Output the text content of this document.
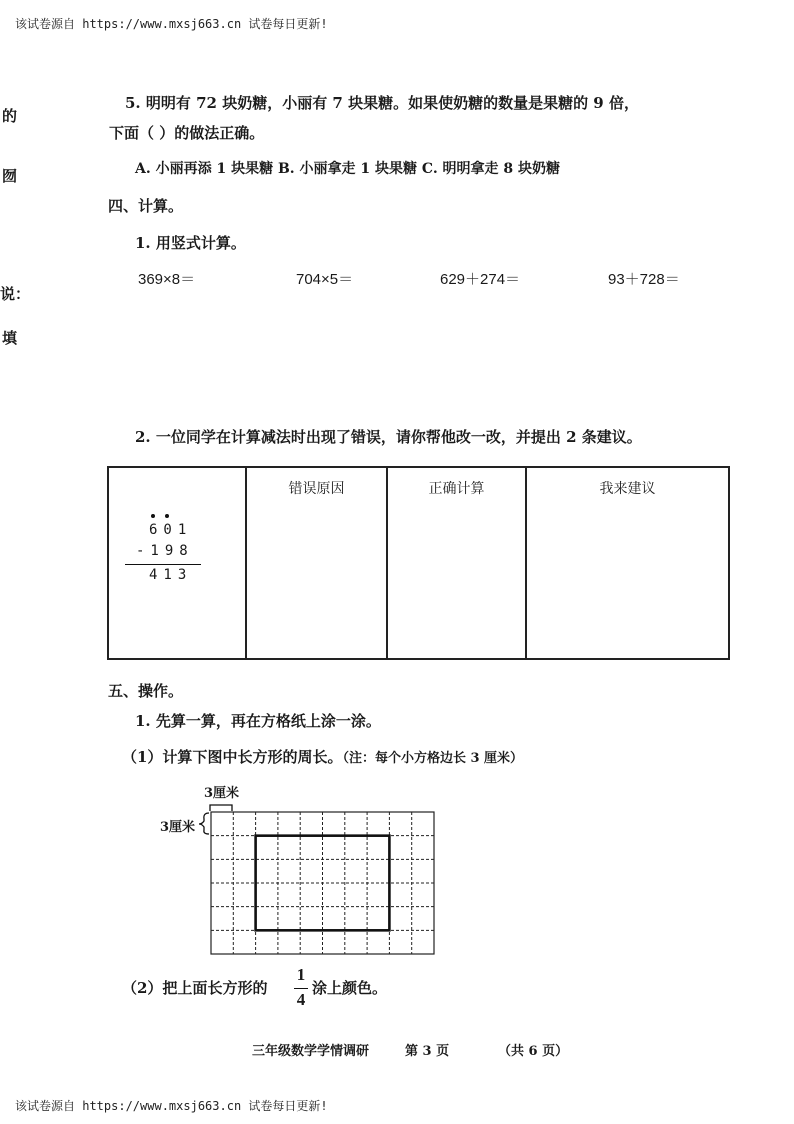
该试卷源自 https://www.mxsj663.cn 试卷每日更新!
的
囫
说：
填
5. 明明有 72 块奶糖，小丽有 7 块果糖。如果使奶糖的数量是果糖的 9 倍，
下面（ ）的做法正确。
A. 小丽再添 1 块果糖 B. 小丽拿走 1 块果糖 C. 明明拿走 8 块奶糖
四、计算。
1. 用竖式计算。
369×8＝	704×5＝	629＋274＝	93＋728＝
2. 一位同学在计算减法时出现了错误，请你帮他改一改，并提出 2 条建议。
601
-198
413

错误原因	正确计算	我来建议
五、操作。
1. 先算一算，再在方格纸上涂一涂。
（1）计算下图中长方形的周长。（注：每个小方格边长 3 厘米）
3厘米
3厘米
（2）把上面长方形的
1
4
涂上颜色。
三年级数学学情调研	第 3 页	（共 6 页）
该试卷源自 https://www.mxsj663.cn 试卷每日更新!
